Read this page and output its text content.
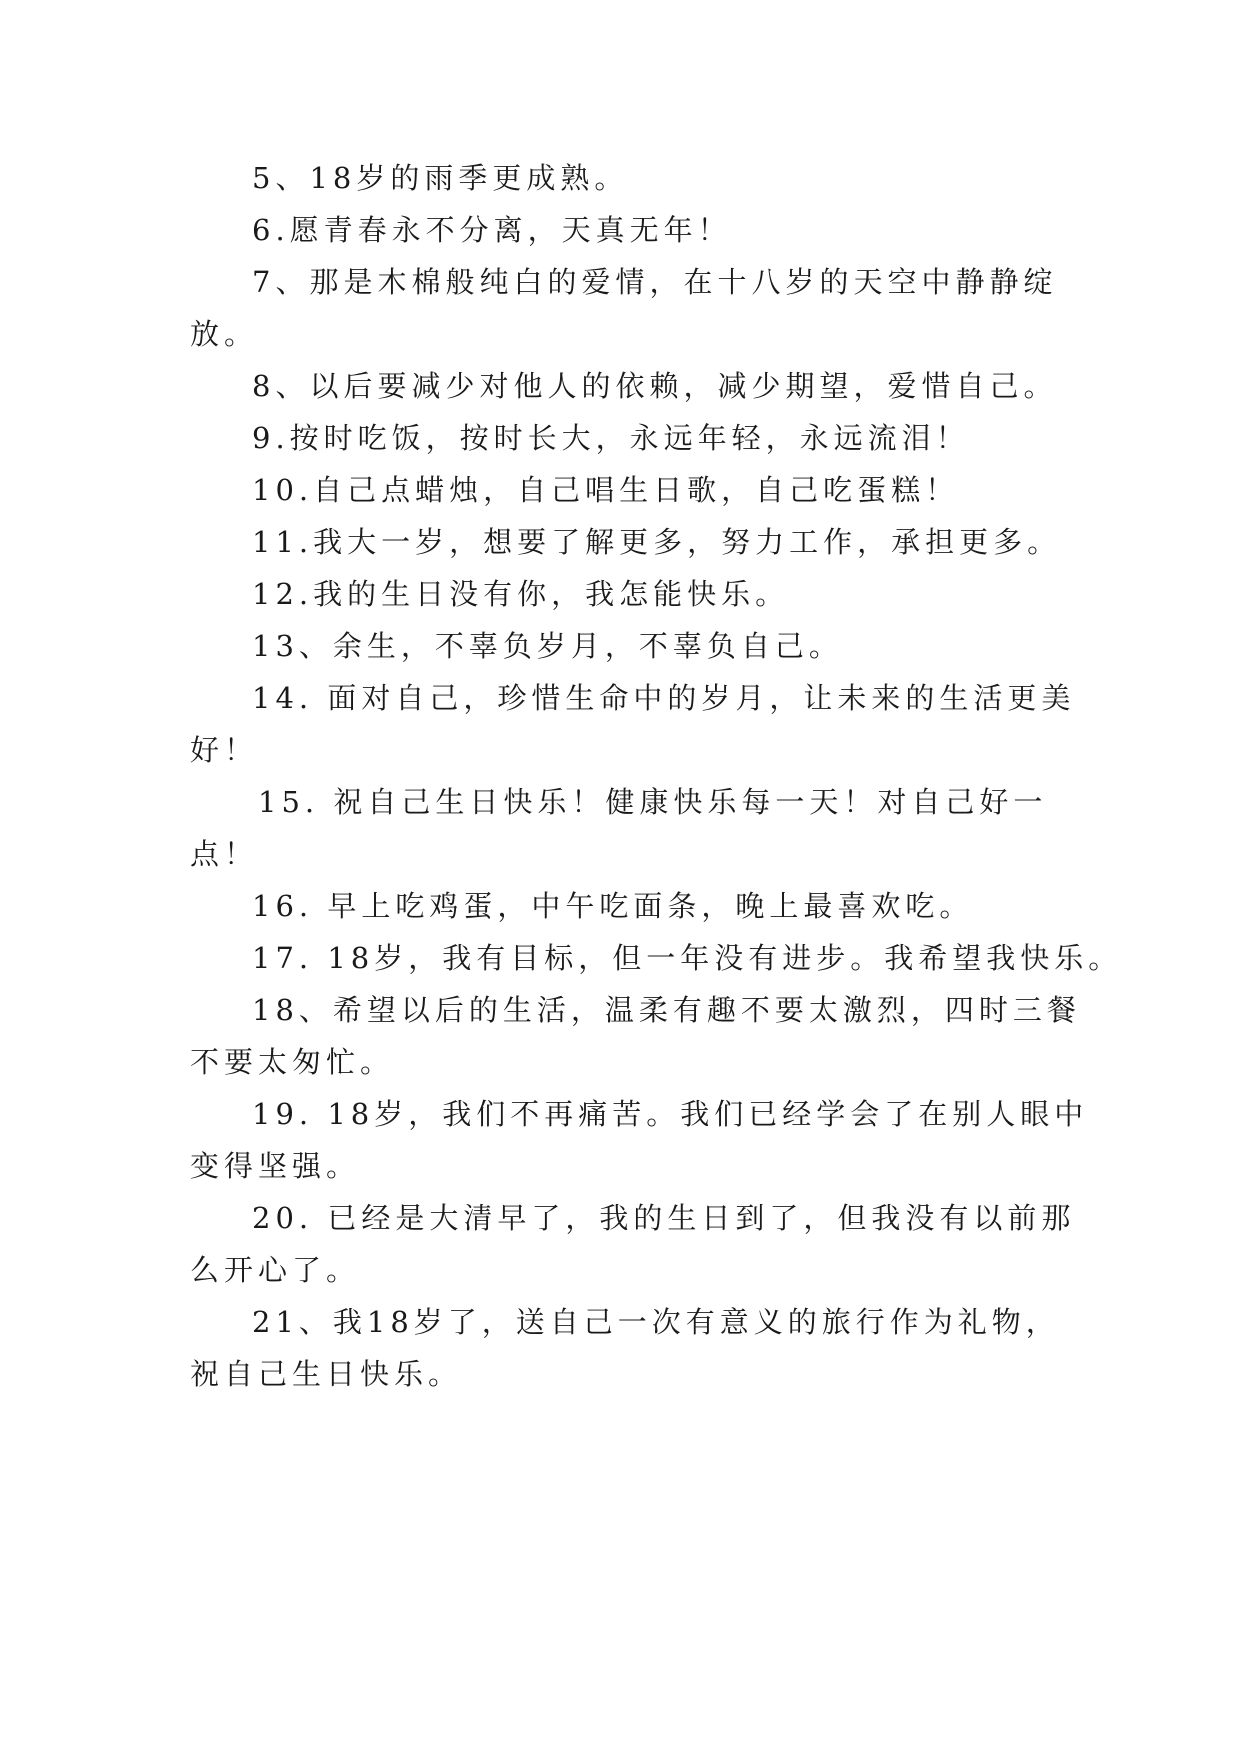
5、18岁的雨季更成熟。
6.愿青春永不分离，天真无年！
7、那是木棉般纯白的爱情，在十八岁的天空中静静绽
放。
8、以后要减少对他人的依赖，减少期望，爱惜自己。
9.按时吃饭，按时长大，永远年轻，永远流泪！
10.自己点蜡烛，自己唱生日歌，自己吃蛋糕！
11.我大一岁，想要了解更多，努力工作，承担更多。
12.我的生日没有你，我怎能快乐。
13、余生，不辜负岁月，不辜负自己。
14. 面对自己，珍惜生命中的岁月，让未来的生活更美
好！
15. 祝自己生日快乐！健康快乐每一天！对自己好一
点！
16. 早上吃鸡蛋，中午吃面条，晚上最喜欢吃。
17. 18岁，我有目标，但一年没有进步。我希望我快乐。
18、希望以后的生活，温柔有趣不要太激烈，四时三餐
不要太匆忙。
19. 18岁，我们不再痛苦。我们已经学会了在别人眼中
变得坚强。
20. 已经是大清早了，我的生日到了，但我没有以前那
么开心了。
21、我18岁了，送自己一次有意义的旅行作为礼物，
祝自己生日快乐。
